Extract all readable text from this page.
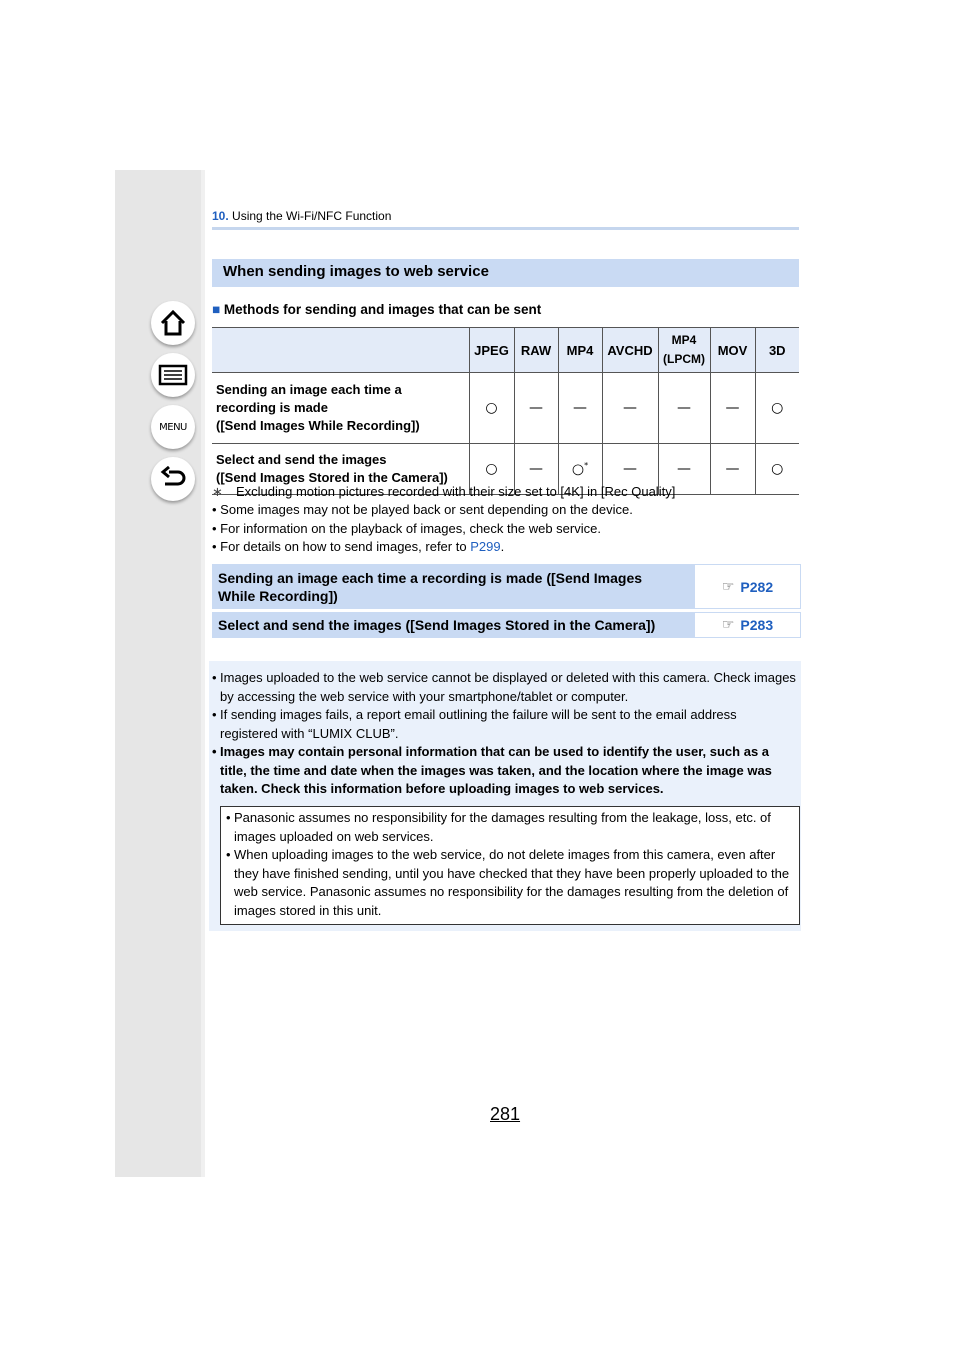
MENU
10. Using the Wi-Fi/NFC Function
When sending images to web service
■ Methods for sending and images that can be sent
	JPEG	RAW	MP4	AVCHD	MP4
(LPCM)	MOV	3D
Sending an image each time a
recording is made
([Send Images While Recording])	○	—	—	—	—	—	○
Select and send the images
([Send Images Stored in the Camera])	○	—	○*	—	—	—	○
∗ Excluding motion pictures recorded with their size set to [4K] in [Rec Quality]
• Some images may not be played back or sent depending on the device.
• For information on the playback of images, check the web service.
• For details on how to send images, refer to P299.
Sending an image each time a recording is made ([Send Images
While Recording])
☞ P282
Select and send the images ([Send Images Stored in the Camera])	☞ P283
• Images uploaded to the web service cannot be displayed or deleted with this camera. Check images by accessing the web service with your smartphone/tablet or computer.
• If sending images fails, a report email outlining the failure will be sent to the email address registered with “LUMIX CLUB”.
• Images may contain personal information that can be used to identify the user, such as a title, the time and date when the images was taken, and the location where the image was taken. Check this information before uploading images to web services.
• Panasonic assumes no responsibility for the damages resulting from the leakage, loss, etc. of images uploaded on web services.
• When uploading images to the web service, do not delete images from this camera, even after they have finished sending, until you have checked that they have been properly uploaded to the web service. Panasonic assumes no responsibility for the damages resulting from the deletion of images stored in this unit.
281
